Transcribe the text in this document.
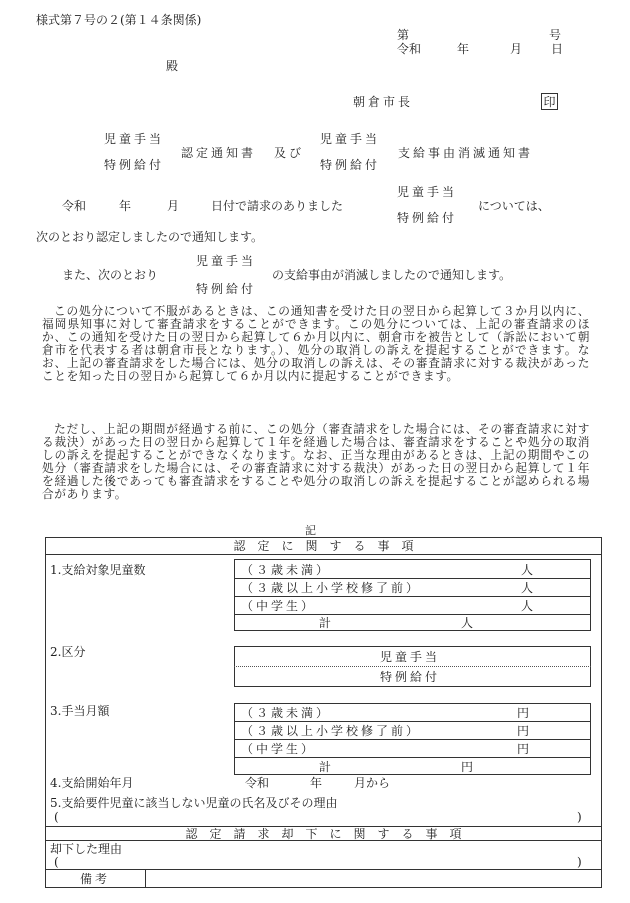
様式第７号の２(第１４条関係)
第	号
令和	年	月 日
殿
朝倉市長	印
児童手当
特例給付
認定通知書 及び
児童手当
特例給付
支給事由消滅通知書
児童手当
特例給付
令和	年	月	日付で請求のありました	については、
次のとおり認定しましたので通知します。
児童手当
特例給付
また、次のとおり	の支給事由が消滅しましたので通知します。
この処分について不服があるときは、この通知書を受けた日の翌日から起算して３か月以内に、福岡県知事に対して審査請求をすることができます。この処分については、上記の審査請求のほか、この通知を受けた日の翌日から起算して６か月以内に、朝倉市を被告として（訴訟において朝倉市を代表する者は朝倉市長となります。）、処分の取消しの訴えを提起することができます。なお、上記の審査請求をした場合には、処分の取消しの訴えは、その審査請求に対する裁決があったことを知った日の翌日から起算して６か月以内に提起することができます。
ただし、上記の期間が経過する前に、この処分（審査請求をした場合には、その審査請求に対する裁決）があった日の翌日から起算して１年を経過した場合は、審査請求をすることや処分の取消しの訴えを提起することができなくなります。なお、正当な理由があるときは、上記の期間やこの処分（審査請求をした場合には、その審査請求に対する裁決）があった日の翌日から起算して１年を経過した後であっても審査請求をすることや処分の取消しの訴えを提起することが認められる場合があります。
記
認　定　に　関　す　る　事　項
1.支給対象児童数	（３歳未満）	人
（３歳以上小学校修了前）	人
（中学生）	人
計	人
2.区分	児童手当
特例給付
3.手当月額	（３歳未満）	円
（３歳以上小学校修了前）	円
（中学生）	円
計	円
4.支給開始年月	令和	年	月から
5.支給要件児童に該当しない児童の氏名及びその理由
(	)
認　定　請　求　却　下　に　関　す　る　事　項
却下した理由
(	)
備考
